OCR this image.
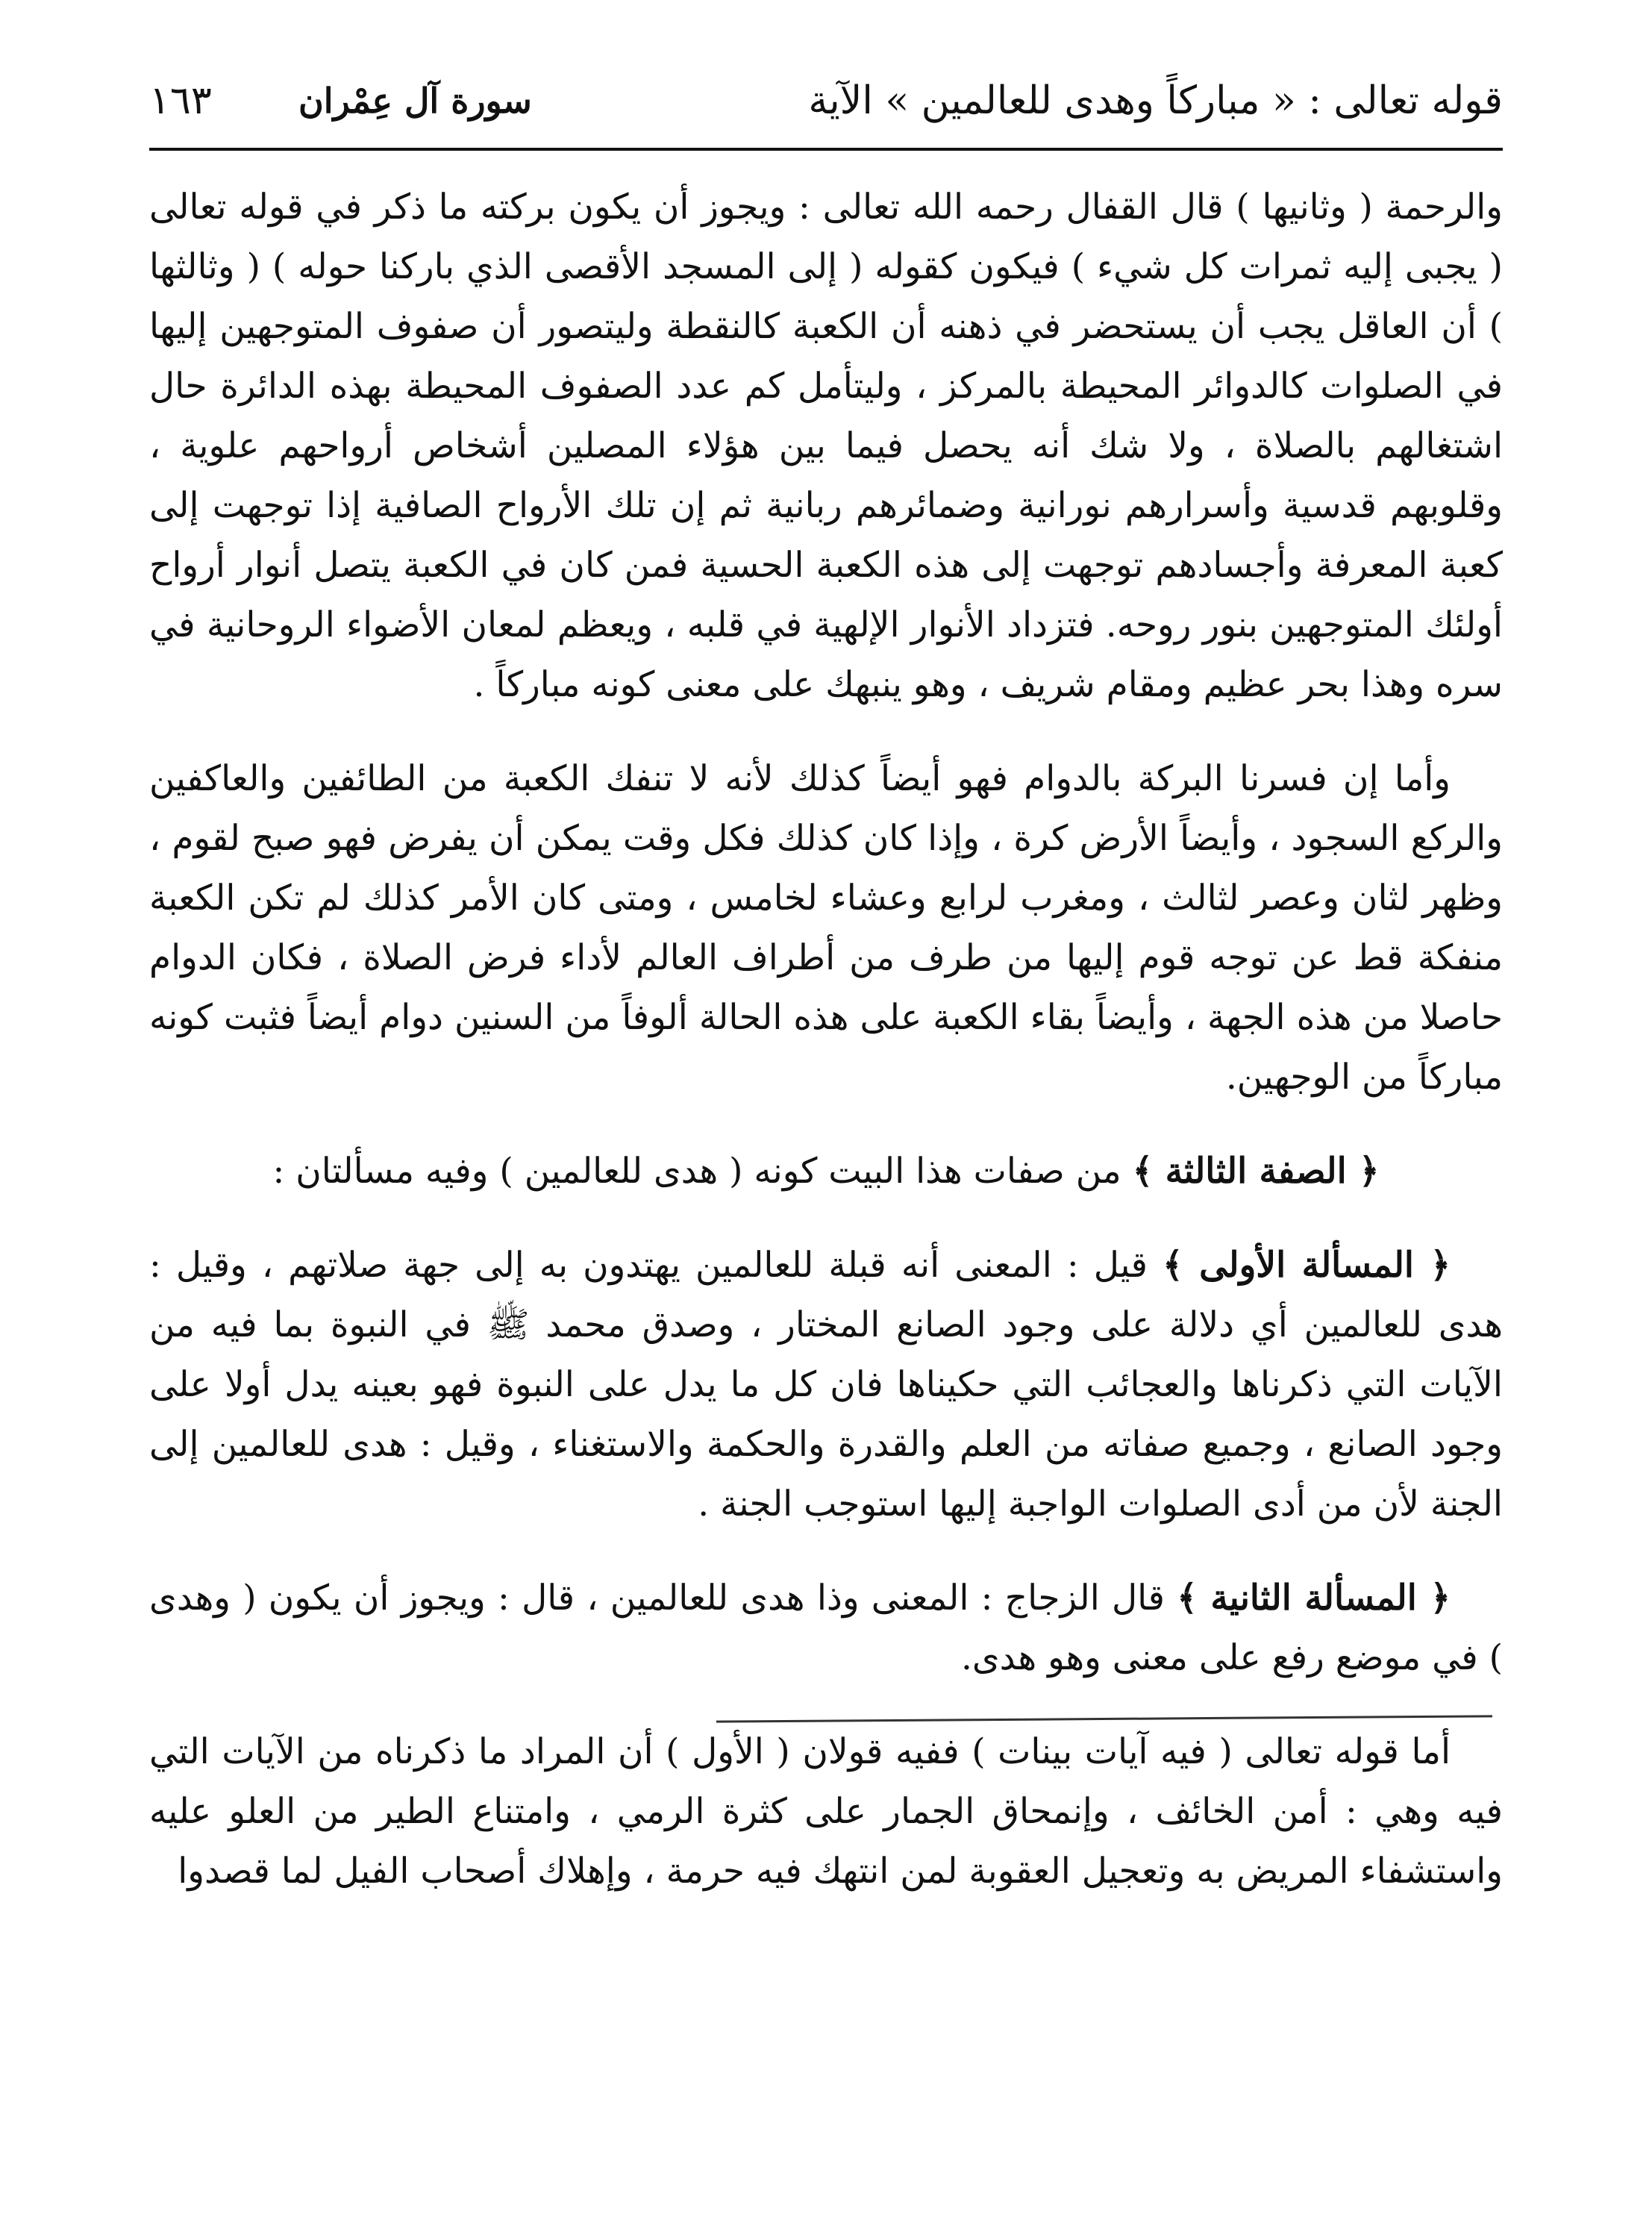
قوله تعالى : « مباركاً وهدى للعالمين » الآية
سورة آل عِمْران
١٦٣

والرحمة ( وثانيها ) قال القفال رحمه الله تعالى : ويجوز أن يكون بركته ما ذكر في قوله تعالى ( يجبى إليه ثمرات كل شيء ) فيكون كقوله ( إلى المسجد الأقصى الذي باركنا حوله ) ( وثالثها ) أن العاقل يجب أن يستحضر في ذهنه أن الكعبة كالنقطة وليتصور أن صفوف المتوجهين إليها في الصلوات كالدوائر المحيطة بالمركز ، وليتأمل كم عدد الصفوف المحيطة بهذه الدائرة حال اشتغالهم بالصلاة ، ولا شك أنه يحصل فيما بين هؤلاء المصلين أشخاص أرواحهم علوية ، وقلوبهم قدسية وأسرارهم نورانية وضمائرهم ربانية ثم إن تلك الأرواح الصافية إذا توجهت إلى كعبة المعرفة وأجسادهم توجهت إلى هذه الكعبة الحسية فمن كان في الكعبة يتصل أنوار أرواح أولئك المتوجهين بنور روحه. فتزداد الأنوار الإلهية في قلبه ، ويعظم لمعان الأضواء الروحانية في سره وهذا بحر عظيم ومقام شريف ، وهو ينبهك على معنى كونه مباركاً .

وأما إن فسرنا البركة بالدوام فهو أيضاً كذلك لأنه لا تنفك الكعبة من الطائفين والعاكفين والركع السجود ، وأيضاً الأرض كرة ، وإذا كان كذلك فكل وقت يمكن أن يفرض فهو صبح لقوم ، وظهر لثان وعصر لثالث ، ومغرب لرابع وعشاء لخامس ، ومتى كان الأمر كذلك لم تكن الكعبة منفكة قط عن توجه قوم إليها من طرف من أطراف العالم لأداء فرض الصلاة ، فكان الدوام حاصلا من هذه الجهة ، وأيضاً بقاء الكعبة على هذه الحالة ألوفاً من السنين دوام أيضاً فثبت كونه مباركاً من الوجهين.

﴿ الصفة الثالثة ﴾ من صفات هذا البيت كونه ( هدى للعالمين ) وفيه مسألتان :

﴿ المسألة الأولى ﴾ قيل : المعنى أنه قبلة للعالمين يهتدون به إلى جهة صلاتهم ، وقيل : هدى للعالمين أي دلالة على وجود الصانع المختار ، وصدق محمد ﷺ في النبوة بما فيه من الآيات التي ذكرناها والعجائب التي حكيناها فان كل ما يدل على النبوة فهو بعينه يدل أولا على وجود الصانع ، وجميع صفاته من العلم والقدرة والحكمة والاستغناء ، وقيل : هدى للعالمين إلى الجنة لأن من أدى الصلوات الواجبة إليها استوجب الجنة .

﴿ المسألة الثانية ﴾ قال الزجاج : المعنى وذا هدى للعالمين ، قال : ويجوز أن يكون ( وهدى ) في موضع رفع على معنى وهو هدى.

أما قوله تعالى ( فيه آيات بينات ) ففيه قولان ( الأول ) أن المراد ما ذكرناه من الآيات التي فيه وهي : أمن الخائف ، وإنمحاق الجمار على كثرة الرمي ، وامتناع الطير من العلو عليه واستشفاء المريض به وتعجيل العقوبة لمن انتهك فيه حرمة ، وإهلاك أصحاب الفيل لما قصدوا
